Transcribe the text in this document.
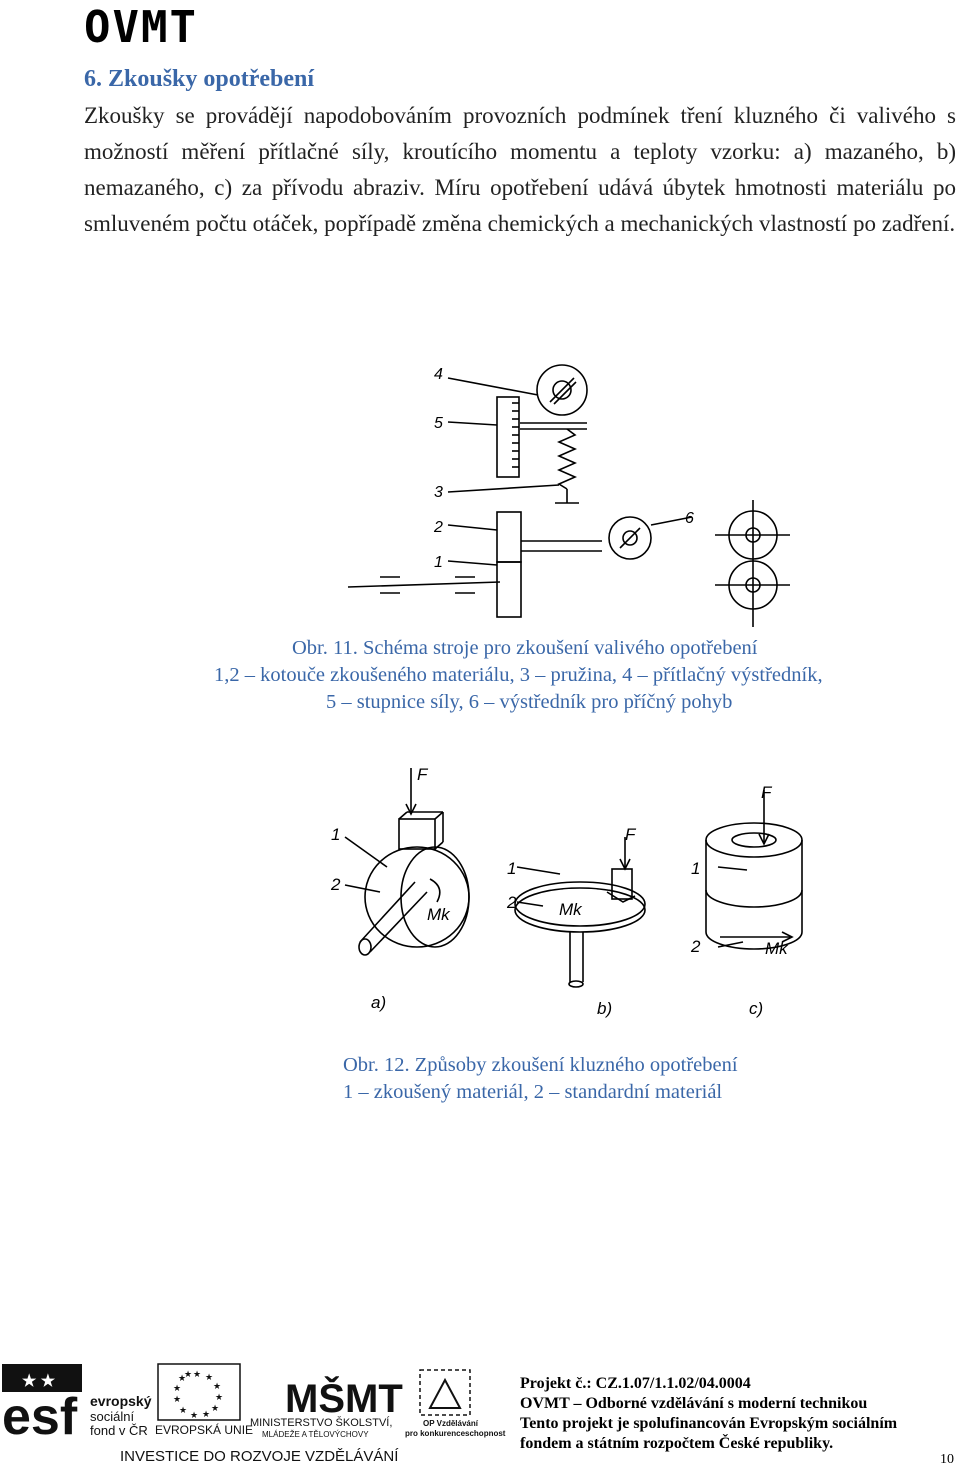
OVMT
6. Zkoušky opotřebení

Zkoušky se provádějí napodobováním provozních podmínek tření kluzného či valivého s možností měření přítlačné síly, kroutícího momentu a teploty vzorku: a) mazaného, b) nemazaného, c) za přívodu abraziv. Míru opotřebení udává úbytek hmotnosti materiálu po smluveném počtu otáček, popřípadě změna chemických a mechanických vlastností po zadření.

4
5
3
2
1
6
Obr. 11. Schéma stroje pro zkoušení valivého opotřebení
1,2 – kotouče zkoušeného materiálu, 3 – pružina, 4 – přítlačný výstředník,
5 – stupnice síly, 6 – výstředník pro příčný pohyb
F
1
2
Mk
a)
F
1
2	Mk
b)
F
1
2	Mk
c)
Obr. 12. Způsoby zkoušení kluzného opotřebení
1 – zkoušený materiál, 2 – standardní materiál
★ ★
esf evropský
sociální
fond v ČR
★ ★
★
★
★
★
★
★
★
★
★
★
EVROPSKÁ UNIE
MŠMT
MINISTERSTVO ŠKOLSTVÍ,
MLÁDEŽE A TĚLOVÝCHOVY
OP Vzdělávání
pro konkurenceschopnost
INVESTICE DO ROZVOJE VZDĚLÁVÁNÍ
Projekt č.: CZ.1.07/1.1.02/04.0004
OVMT – Odborné vzdělávání s moderní technikou
Tento projekt je spolufinancován Evropským sociálním
fondem a státním rozpočtem České republiky.
10
